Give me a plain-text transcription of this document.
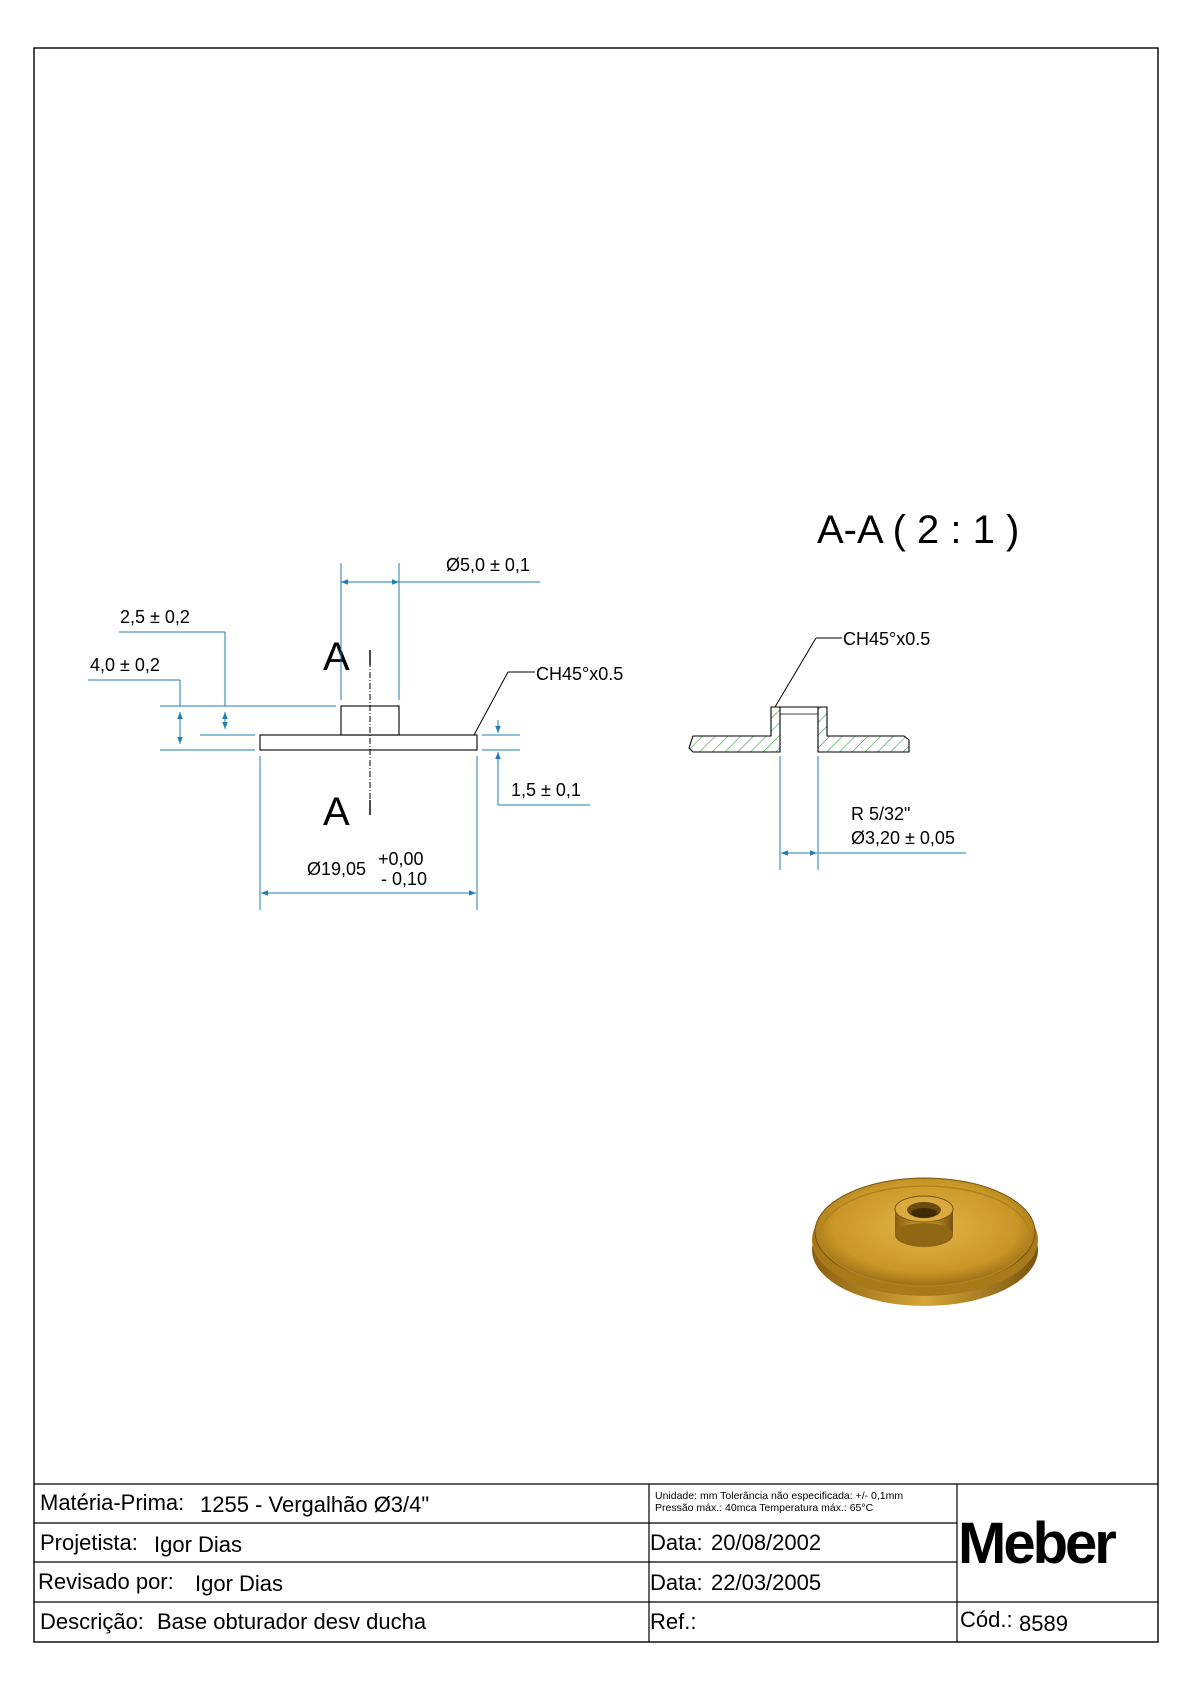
A
A
Ø5,0 ± 0,1
2,5 ± 0,2
4,0 ± 0,2	CH45°x0.5
1,5 ± 0,1
Ø19,05 +0,00
- 0,10
A-A ( 2 : 1 )
CH45°x0.5
R 5/32"
Ø3,20 ± 0,05
Matéria-Prima: 1255 - Vergalhão Ø3/4"	Unidade: mm Tolerância não especificada: +/- 0,1mm
Pressão máx.: 40mca Temperatura máx.: 65°C
Projetista: Igor Dias	Data: 20/08/2002
Revisado por: Igor Dias	Data: 22/03/2005
Descrição: Base obturador desv ducha	Ref.:	Cód.: 8589
Meber
